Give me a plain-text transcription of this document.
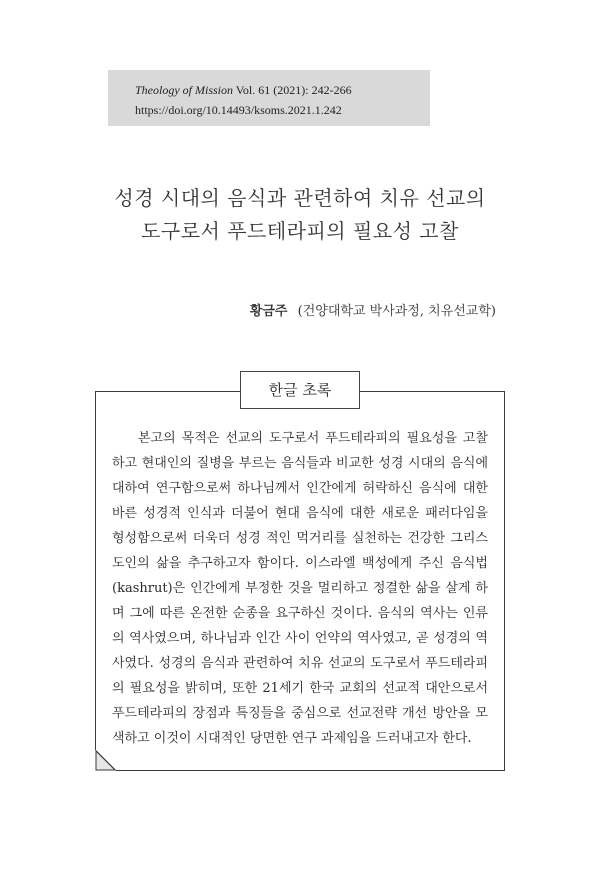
Theology of Mission Vol. 61 (2021): 242-266
https://doi.org/10.14493/ksoms.2021.1.242
성경 시대의 음식과 관련하여 치유 선교의
도구로서 푸드테라피의 필요성 고찰
황금주 (건양대학교 박사과정, 치유선교학)
한글 초록
본고의 목적은 선교의 도구로서 푸드테라피의 필요성을 고찰하고 현대인의 질병을 부르는 음식들과 비교한 성경 시대의 음식에 대하여 연구함으로써 하나님께서 인간에게 허락하신 음식에 대한 바른 성경적 인식과 더불어 현대 음식에 대한 새로운 패러다임을 형성함으로써 더욱더 성경 적인 먹거리를 실천하는 건강한 그리스도인의 삶을 추구하고자 함이다. 이스라엘 백성에게 주신 음식법(kashrut)은 인간에게 부정한 것을 멀리하고 정결한 삶을 살게 하며 그에 따른 온전한 순종을 요구하신 것이다. 음식의 역사는 인류의 역사였으며, 하나님과 인간 사이 언약의 역사였고, 곧 성경의 역사였다. 성경의 음식과 관련하여 치유 선교의 도구로서 푸드테라피의 필요성을 밝히며, 또한 21세기 한국 교회의 선교적 대안으로서 푸드테라피의 장점과 특징들을 중심으로 선교전략 개선 방안을 모색하고 이것이 시대적인 당면한 연구 과제임을 드러내고자 한다.
